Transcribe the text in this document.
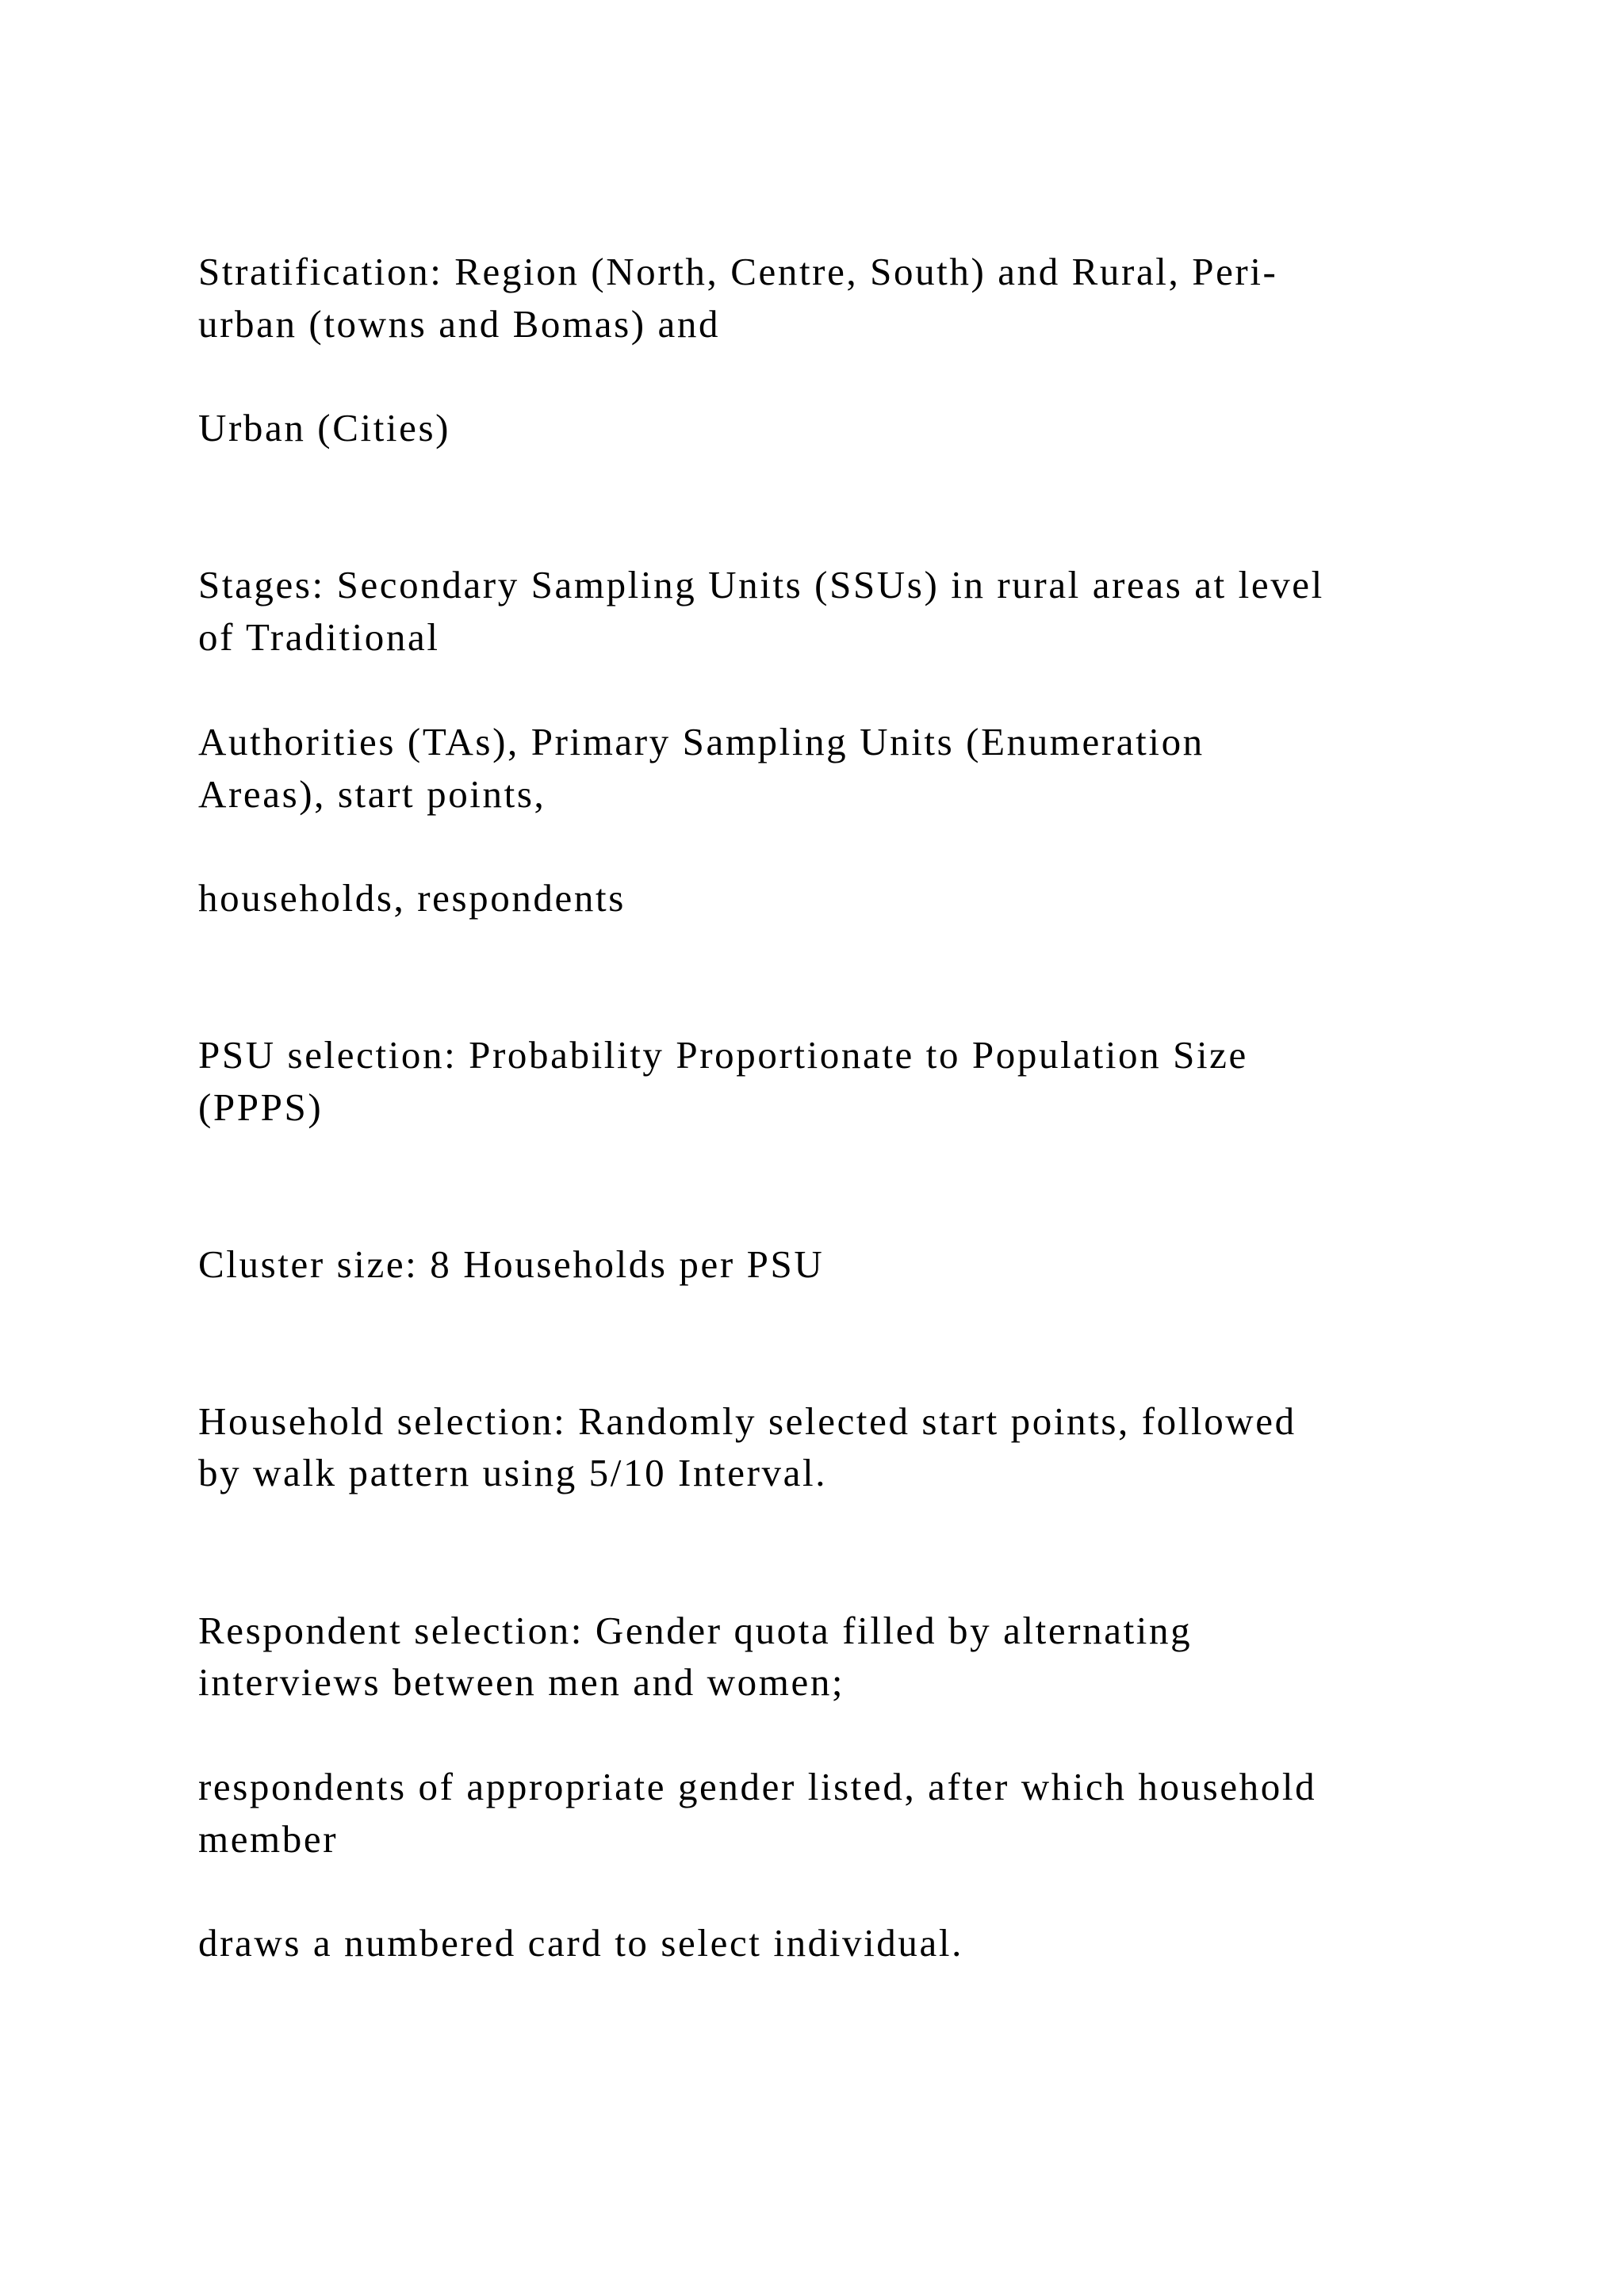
Stratification: Region (North, Centre, South) and Rural, Peri-

urban (towns and Bomas) and

Urban (Cities)

Stages: Secondary Sampling Units (SSUs) in rural areas at level

of Traditional

Authorities (TAs), Primary Sampling Units (Enumeration

Areas), start points,

households, respondents

PSU selection: Probability Proportionate to Population Size

(PPPS)

Cluster size: 8 Households per PSU

Household selection: Randomly selected start points, followed

by walk pattern using 5/10 Interval.

Respondent selection: Gender quota filled by alternating

interviews between men and women;

respondents of appropriate gender listed, after which household

member

draws a numbered card to select individual.
